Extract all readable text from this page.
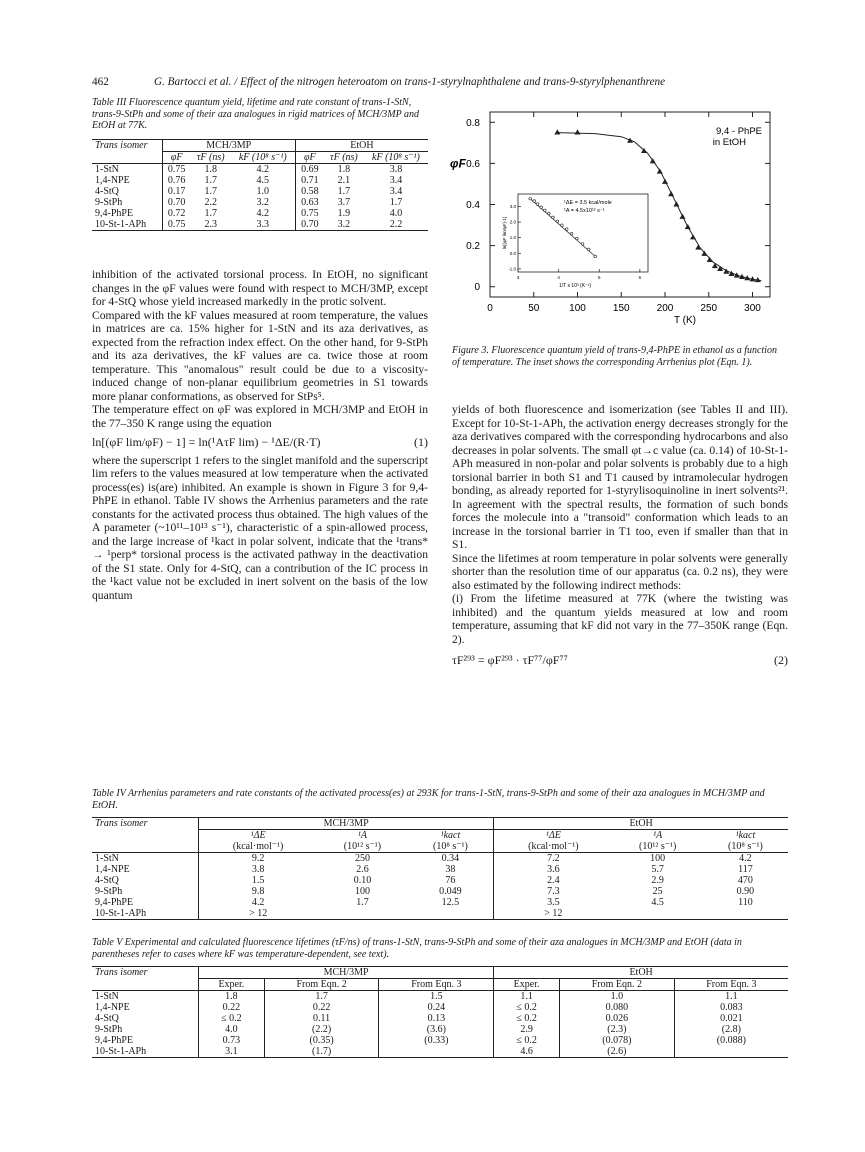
462	G. Bartocci et al. / Effect of the nitrogen heteroatom on trans-1-styrylnaphthalene and trans-9-styrylphenanthrene
Table III Fluorescence quantum yield, lifetime and rate constant of trans-1-StN, trans-9-StPh and some of their aza analogues in rigid matrices of MCH/3MP and EtOH at 77K.
Trans isomer	MCH/3MP			EtOH		
	φF	τF (ns)	kF (10⁸ s⁻¹)	φF	τF (ns)	kF (10⁸ s⁻¹)
1-StN	0.75	1.8	4.2	0.69	1.8	3.8
1,4-NPE	0.76	1.7	4.5	0.71	2.1	3.4
4-StQ	0.17	1.7	1.0	0.58	1.7	3.4
9-StPh	0.70	2.2	3.2	0.63	3.7	1.7
9,4-PhPE	0.72	1.7	4.2	0.75	1.9	4.0
10-St-1-APh	0.75	2.3	3.3	0.70	3.2	2.2

inhibition of the activated torsional process. In EtOH, no significant changes in the φF values were found with respect to MCH/3MP, except for 4-StQ whose yield increased markedly in the protic solvent.

Compared with the kF values measured at room temperature, the values in matrices are ca. 15% higher for 1-StN and its aza derivatives, as expected from the refraction index effect. On the other hand, for 9-StPh and its aza derivatives, the kF values are ca. twice those at room temperature. This "anomalous" result could be due to a viscosity-induced change of non-planar equilibrium geometries in S1 towards more planar conformations, as observed for StPs⁵.

The temperature effect on φF was explored in MCH/3MP and EtOH in the 77–350 K range using the equation

ln[(φF lim/φF) − 1] = ln(¹AτF lim) − ¹ΔE/(R·T)	(1)

where the superscript 1 refers to the singlet manifold and the superscript lim refers to the values measured at low temperature when the activated process(es) is(are) inhibited. An example is shown in Figure 3 for 9,4-PhPE in ethanol. Table IV shows the Arrhenius parameters and the rate constants for the activated process thus obtained. The high values of the A parameter (~10¹¹–10¹³ s⁻¹), characteristic of a spin-allowed process, and the large increase of ¹kact in polar solvent, indicate that the ¹trans* → ¹perp* torsional process is the activated pathway in the deactivation of the S1 state. Only for 4-StQ, can a contribution of the IC process in the ¹kact value not be excluded in inert solvent on the basis of the low quantum

0	50	100	150	200	250	300
0
0.2
0.4
0.6
0.8
T (K)
φF
9,4 - PhPE
in EtOH
3	4	5	6
-1.0
0.0
1.0
2.0
3.0
1/T x 10³ (K⁻¹)
ln[(φF lim/φF)-1]
¹ΔE = 3.5 kcal/mole
¹A = 4.5x10¹² s⁻¹
Figure 3. Fluorescence quantum yield of trans-9,4-PhPE in ethanol as a function of temperature. The inset shows the corresponding Arrhenius plot (Eqn. 1).

yields of both fluorescence and isomerization (see Tables II and III). Except for 10-St-1-APh, the activation energy decreases strongly for the aza derivatives compared with the corresponding hydrocarbons and also decreases in polar solvents. The small φt→c value (ca. 0.14) of 10-St-1-APh measured in non-polar and polar solvents is probably due to a high torsional barrier in both S1 and T1 caused by intramolecular hydrogen bonding, as already reported for 1-styrylisoquinoline in inert solvents²¹. In agreement with the spectral results, the formation of such bonds forces the molecule into a "transoid" conformation which leads to an increase in the torsional barrier in T1 too, even if smaller than that in S1.

Since the lifetimes at room temperature in polar solvents were generally shorter than the resolution time of our apparatus (ca. 0.2 ns), they were also estimated by the following indirect methods:

(i) From the lifetime measured at 77K (where the twisting was inhibited) and the quantum yields measured at low and room temperature, assuming that kF did not vary in the 77–350K range (Eqn. 2).

τF²⁹³ = φF²⁹³ · τF⁷⁷/φF⁷⁷	(2)
Table IV Arrhenius parameters and rate constants of the activated process(es) at 293K for trans-1-StN, trans-9-StPh and some of their aza analogues in MCH/3MP and EtOH.
Trans isomer	MCH/3MP			EtOH		
	¹ΔE	¹A	¹kact	¹ΔE	¹A	¹kact
	(kcal·mol⁻¹)	(10¹² s⁻¹)	(10⁸ s⁻¹)	(kcal·mol⁻¹)	(10¹² s⁻¹)	(10⁸ s⁻¹)
1-StN	9.2	250	0.34	7.2	100	4.2
1,4-NPE	3.8	2.6	38	3.6	5.7	117
4-StQ	1.5	0.10	76	2.4	2.9	470
9-StPh	9.8	100	0.049	7.3	25	0.90
9,4-PhPE	4.2	1.7	12.5	3.5	4.5	110
10-St-1-APh	> 12			> 12		
Table V Experimental and calculated fluorescence lifetimes (τF/ns) of trans-1-StN, trans-9-StPh and some of their aza analogues in MCH/3MP and EtOH (data in parentheses refer to cases where kF was temperature-dependent, see text).
Trans isomer	MCH/3MP			EtOH		
	Exper.	From Eqn. 2	From Eqn. 3	Exper.	From Eqn. 2	From Eqn. 3
1-StN	1.8	1.7	1.5	1.1	1.0	1.1
1,4-NPE	0.22	0.22	0.24	≤ 0.2	0.080	0.083
4-StQ	≤ 0.2	0.11	0.13	≤ 0.2	0.026	0.021
9-StPh	4.0	(2.2)	(3.6)	2.9	(2.3)	(2.8)
9,4-PhPE	0.73	(0.35)	(0.33)	≤ 0.2	(0.078)	(0.088)
10-St-1-APh	3.1	(1.7)		4.6	(2.6)	
